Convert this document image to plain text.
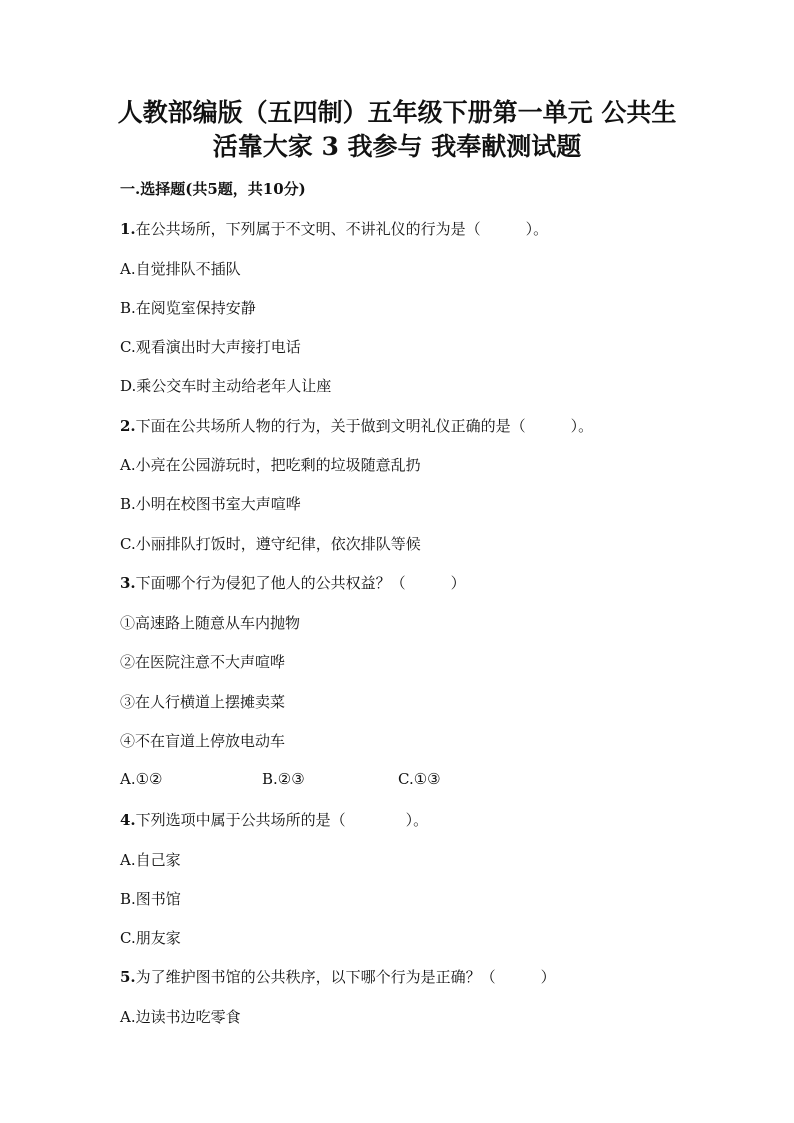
人教部编版（五四制）五年级下册第一单元 公共生
活靠大家 3 我参与 我奉献测试题
一.选择题(共5题，共10分)
1.在公共场所，下列属于不文明、不讲礼仪的行为是（　　　）。
A.自觉排队不插队
B.在阅览室保持安静
C.观看演出时大声接打电话
D.乘公交车时主动给老年人让座
2.下面在公共场所人物的行为，关于做到文明礼仪正确的是（　　　）。
A.小亮在公园游玩时，把吃剩的垃圾随意乱扔
B.小明在校图书室大声喧哗
C.小丽排队打饭时，遵守纪律，依次排队等候
3.下面哪个行为侵犯了他人的公共权益？（　　　）
①高速路上随意从车内抛物
②在医院注意不大声喧哗
③在人行横道上摆摊卖菜
④不在盲道上停放电动车
A.①②	B.②③	C.①③
4.下列选项中属于公共场所的是（　　　　）。
A.自己家
B.图书馆
C.朋友家
5.为了维护图书馆的公共秩序，以下哪个行为是正确？（　　　）
A.边读书边吃零食
